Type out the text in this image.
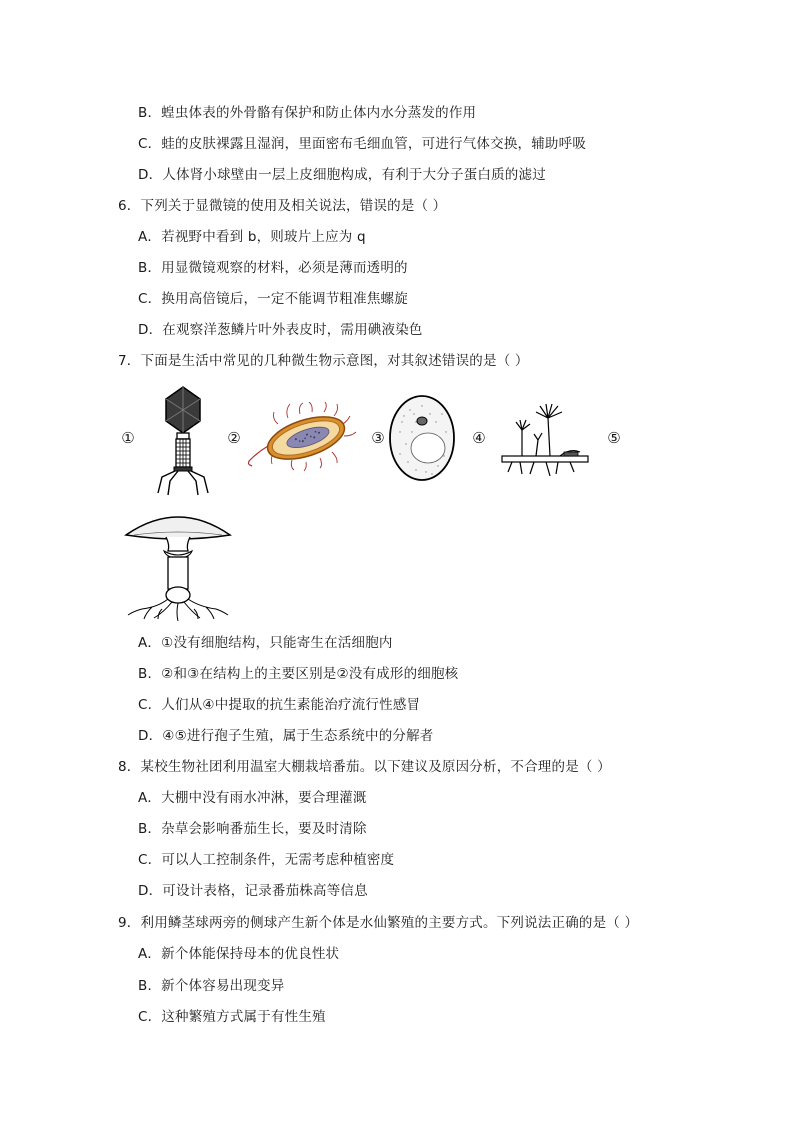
B．蝗虫体表的外骨骼有保护和防止体内水分蒸发的作用
C．蛙的皮肤裸露且湿润，里面密布毛细血管，可进行气体交换，辅助呼吸
D．人体肾小球壁由一层上皮细胞构成，有利于大分子蛋白质的滤过
6．下列关于显微镜的使用及相关说法，错误的是（ ）
A．若视野中看到 b，则玻片上应为 q
B．用显微镜观察的材料，必须是薄而透明的
C．换用高倍镜后，一定不能调节粗准焦螺旋
D．在观察洋葱鳞片叶外表皮时，需用碘液染色
7．下面是生活中常见的几种微生物示意图，对其叙述错误的是（ ）
①	②	③	④	⑤
A．①没有细胞结构，只能寄生在活细胞内
B．②和③在结构上的主要区别是②没有成形的细胞核
C．人们从④中提取的抗生素能治疗流行性感冒
D．④⑤进行孢子生殖，属于生态系统中的分解者
8．某校生物社团利用温室大棚栽培番茄。以下建议及原因分析，不合理的是（ ）
A．大棚中没有雨水冲淋，要合理灌溉
B．杂草会影响番茄生长，要及时清除
C．可以人工控制条件，无需考虑种植密度
D．可设计表格，记录番茄株高等信息
9．利用鳞茎球两旁的侧球产生新个体是水仙繁殖的主要方式。下列说法正确的是（ ）
A．新个体能保持母本的优良性状
B．新个体容易出现变异
C．这种繁殖方式属于有性生殖
